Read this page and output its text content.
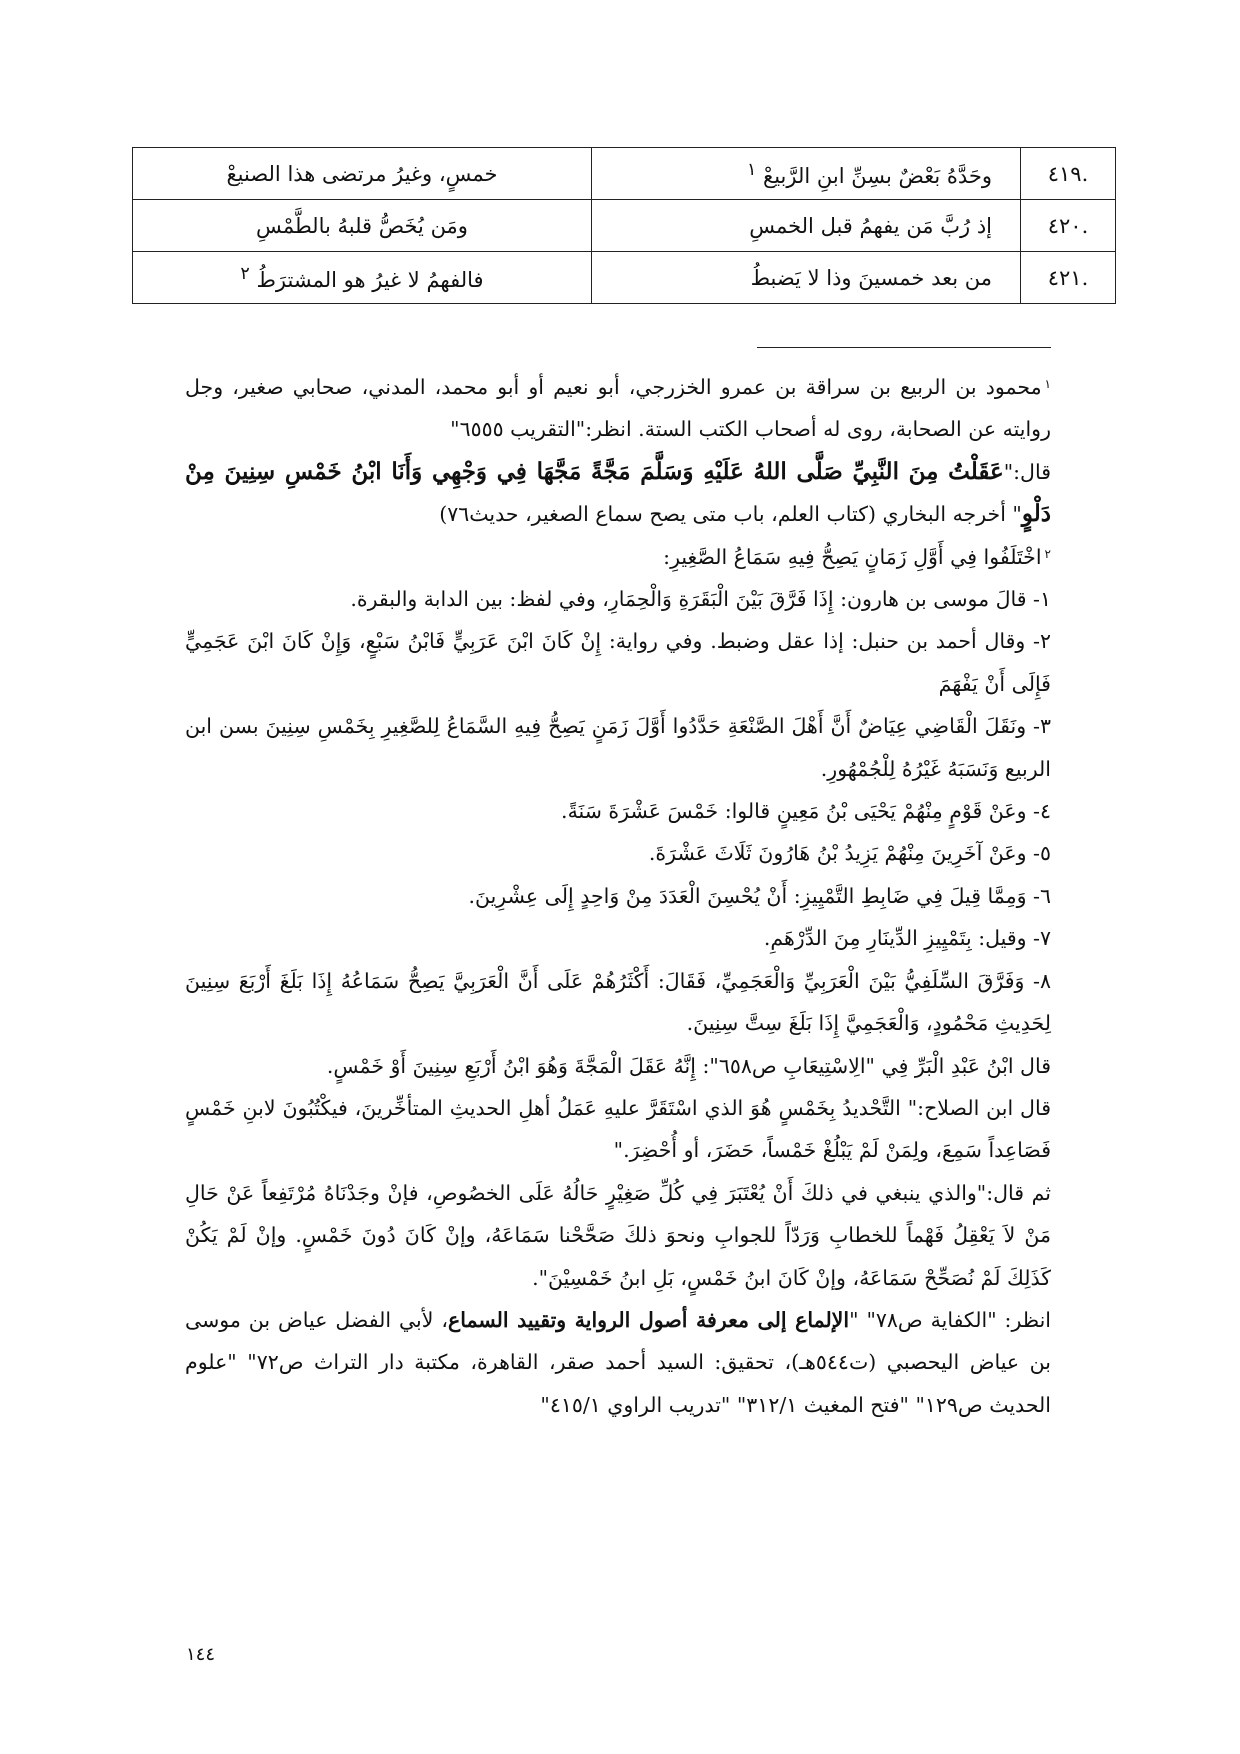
.٤١٩	وحَدَّهُ بَعْضٌ بسِنِّ ابنِ الرَّبيعْ $^١$	خمسٍ، وغيرُ مرتضى هذا الصنيعْ
.٤٢٠	إذ رُبَّ مَن يفهمُ قبل الخمسِ	ومَن يُخَصُّ قلبهُ بالطَّمْسِ
.٤٢١	من بعد خمسينَ وذا لا يَضبطُ	فالفهمُ لا غيرُ هو المشترَطُ $^٢$

$^١$محمود بن الربيع بن سراقة بن عمرو الخزرجي، أبو نعيم أو أبو محمد، المدني، صحابي صغير، وجل روايته عن الصحابة، روى له أصحاب الكتب الستة. انظر:"التقريب ٦٥٥٥"

قال:"عَقَلْتُ مِنَ النَّبِيِّ صَلَّى اللهُ عَلَيْهِ وَسَلَّمَ مَجَّةً مَجَّهَا فِي وَجْهِي وَأَنَا ابْنُ خَمْسِ سِنِينَ مِنْ دَلْوٍ" أخرجه البخاري (كتاب العلم، باب متى يصح سماع الصغير، حديث٧٦)

$^٢$اخْتَلَفُوا فِي أَوَّلِ زَمَانٍ يَصِحُّ فِيهِ سَمَاعُ الصَّغِيرِ:

١- قالَ موسى بن هارون: إِذَا فَرَّقَ بَيْنَ الْبَقَرَةِ وَالْحِمَارِ، وفي لفظ: بين الدابة والبقرة.

٢- وقال أحمد بن حنبل: إذا عقل وضبط. وفي رواية: إِنْ كَانَ ابْنَ عَرَبِيٍّ فَابْنُ سَبْعٍ، وَإِنْ كَانَ ابْنَ عَجَمِيٍّ فَإِلَى أَنْ يَفْهَمَ

٣- ونَقَلَ الْقَاضِي عِيَاضٌ أَنَّ أَهْلَ الصَّنْعَةِ حَدَّدُوا أَوَّلَ زَمَنٍ يَصِحُّ فِيهِ السَّمَاعُ لِلصَّغِيرِ بِخَمْسِ سِنِينَ بسن ابن الربيع وَنَسَبَهُ غَيْرُهُ لِلْجُمْهُورِ.

٤- وعَنْ قَوْمٍ مِنْهُمْ يَحْيَى بْنُ مَعِينٍ قالوا: خَمْسَ عَشْرَةَ سَنَةً.

٥- وعَنْ آخَرِينَ مِنْهُمْ يَزِيدُ بْنُ هَارُونَ ثَلَاثَ عَشْرَةَ.

٦- وَمِمَّا قِيلَ فِي ضَابِطِ التَّمْيِيزِ: أَنْ يُحْسِنَ الْعَدَدَ مِنْ وَاحِدٍ إِلَى عِشْرِينَ.

٧- وقيل: بِتَمْيِيزِ الدِّينَارِ مِنَ الدِّرْهَمِ.

٨- وَفَرَّقَ السِّلَفِيُّ بَيْنَ الْعَرَبِيِّ وَالْعَجَمِيِّ، فَقَالَ: أَكْثَرُهُمْ عَلَى أَنَّ الْعَرَبِيَّ يَصِحُّ سَمَاعُهُ إِذَا بَلَغَ أَرْبَعَ سِنِينَ لِحَدِيثِ مَحْمُودٍ، وَالْعَجَمِيَّ إِذَا بَلَغَ سِتَّ سِنِينَ.

قال ابْنُ عَبْدِ الْبَرِّ فِي "الِاسْتِيعَابِ ص٦٥٨": إِنَّهُ عَقَلَ الْمَجَّةَ وَهُوَ ابْنُ أَرْبَعِ سِنِينَ أَوْ خَمْسٍ.

قال ابن الصلاح:" التَّحْديدُ بِخَمْسٍ هُوَ الذي اسْتَقَرَّ عليهِ عَمَلُ أهلِ الحديثِ المتأخِّرينَ، فيكْتُبُونَ لابنِ خَمْسٍ فَصَاعِداً سَمِعَ، ولِمَنْ لَمْ يَبْلُغْ خَمْساً، حَضَرَ، أو أُحْضِرَ."

ثم قال:"والذي ينبغي في ذلكَ أَنْ يُعْتَبَرَ فِي كُلِّ صَغِيْرٍ حَالُهُ عَلَى الخصُوصِ، فإنْ وجَدْنَاهُ مُرْتَفِعاً عَنْ حَالِ مَنْ لاَ يَعْقِلُ فَهْماً للخطابِ وَرَدّاً للجوابِ ونحوَ ذلكَ صَحَّحْنا سَمَاعَهُ، وإنْ كَانَ دُونَ خَمْسٍ. وإنْ لَمْ يَكُنْ كَذَلِكَ لَمْ نُصَحِّحْ سَمَاعَهُ، وإنْ كَانَ ابنُ خَمْسٍ، بَلِ ابنُ خَمْسِيْنَ".

انظر: "الكفاية ص٧٨" "الإلماع إلى معرفة أصول الرواية وتقييد السماع، لأبي الفضل عياض بن موسى بن عياض اليحصبي (ت٥٤٤هـ)، تحقيق: السيد أحمد صقر، القاهرة، مكتبة دار التراث ص٧٢" "علوم الحديث ص١٢٩" "فتح المغيث ٣١٢/١" "تدريب الراوي ٤١٥/١"

١٤٤
